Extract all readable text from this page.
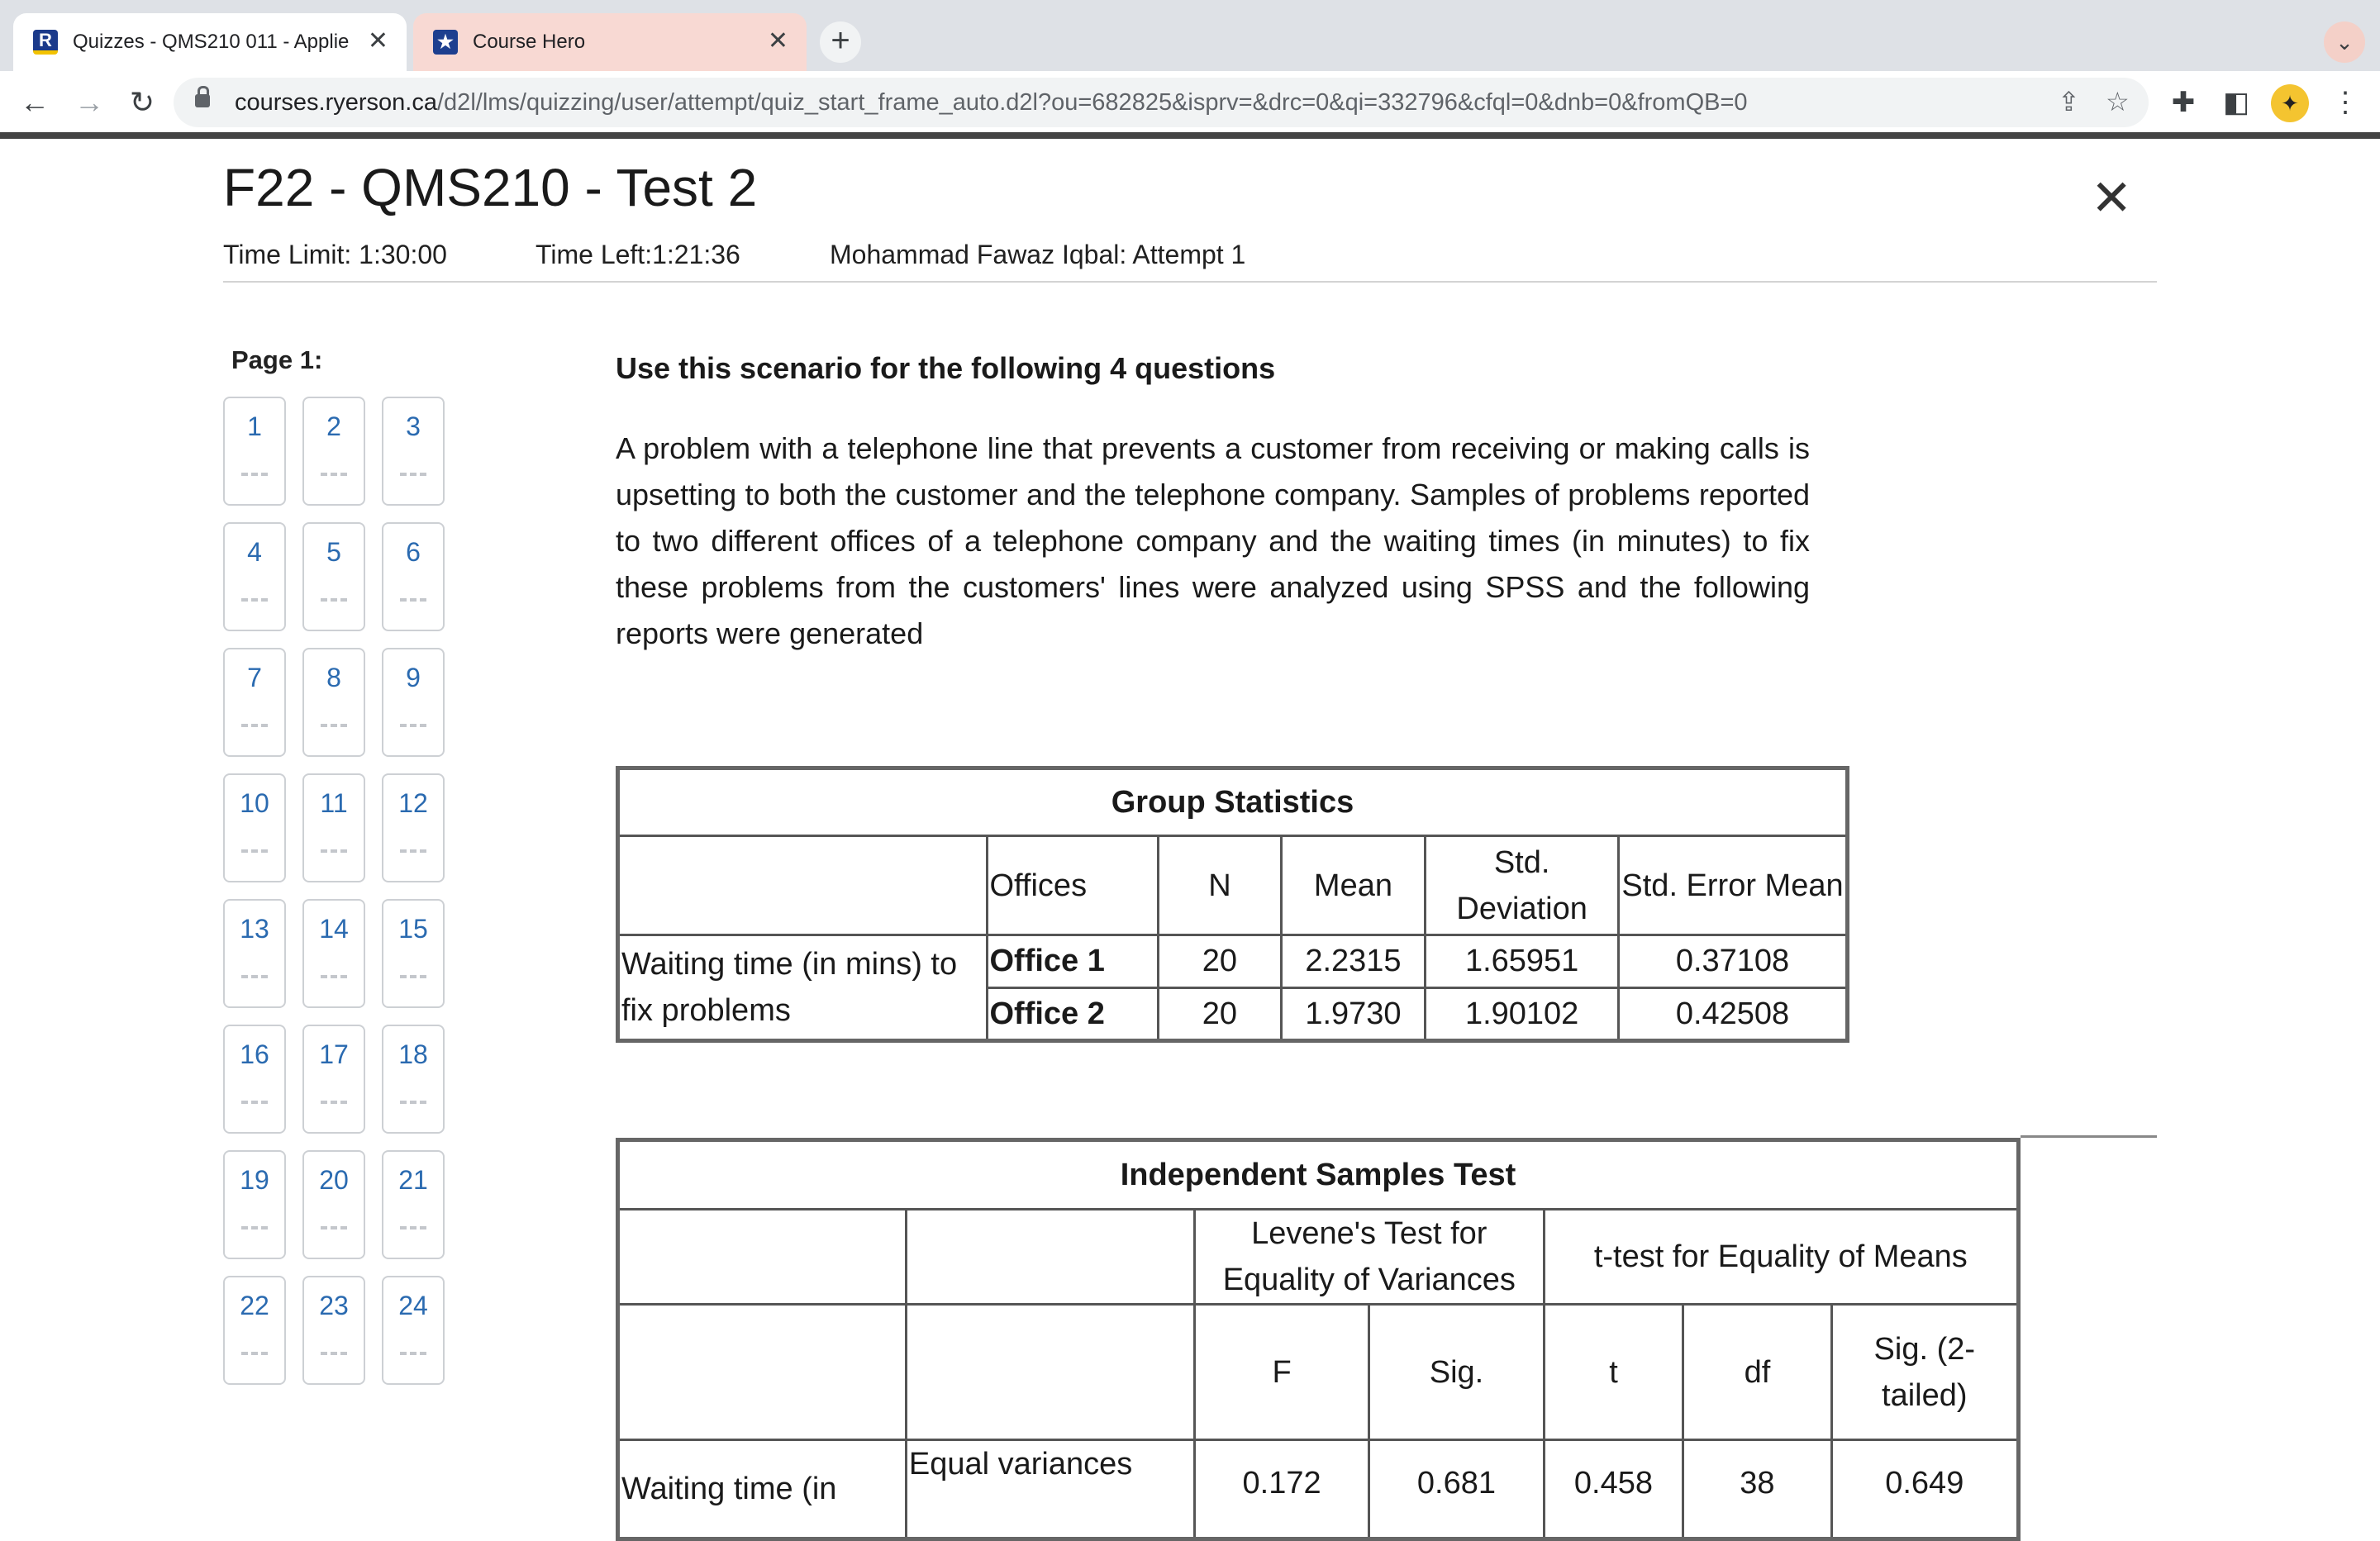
R Quizzes - QMS210 011 - Applie ✕	★ Course Hero	✕	+	⌄
← → ↻	courses.ryerson.ca/d2l/lms/quizzing/user/attempt/quiz_start_frame_auto.d2l?ou=682825&isprv=&drc=0&qi=332796&cfql=0&dnb=0&fromQB=0	⇪ ☆ ✚ ◧	✦	⋮
F22 - QMS210 - Test 2	✕
Time Limit: 1:30:00	Time Left:1:21:36	Mohammad Fawaz Iqbal: Attempt 1
Page 1:
1	2	3
4	5	6
7	8	9
10	11	12
13	14	15
16	17	18
19	20	21
22	23	24
Use this scenario for the following 4 questions
A problem with a telephone line that prevents a customer from receiving or making calls is upsetting to both the customer and the telephone company. Samples of problems reported to two different offices of a telephone company and the waiting times (in minutes) to fix these problems from the customers' lines were analyzed using SPSS and the following reports were generated
Group Statistics					
	Offices	N	Mean	Std. Deviation	Std. Error Mean
Waiting time (in mins) to fix problems	Office 1	20	2.2315	1.65951	0.37108
	Office 2	20	1.9730	1.90102	0.42508
Independent Samples Test						
		Levene's Test for Equality of Variances		t-test for Equality of Means		
		F	Sig.	t	df	Sig. (2-tailed)
Waiting time (in	Equal variances	0.172	0.681	0.458	38	0.649
